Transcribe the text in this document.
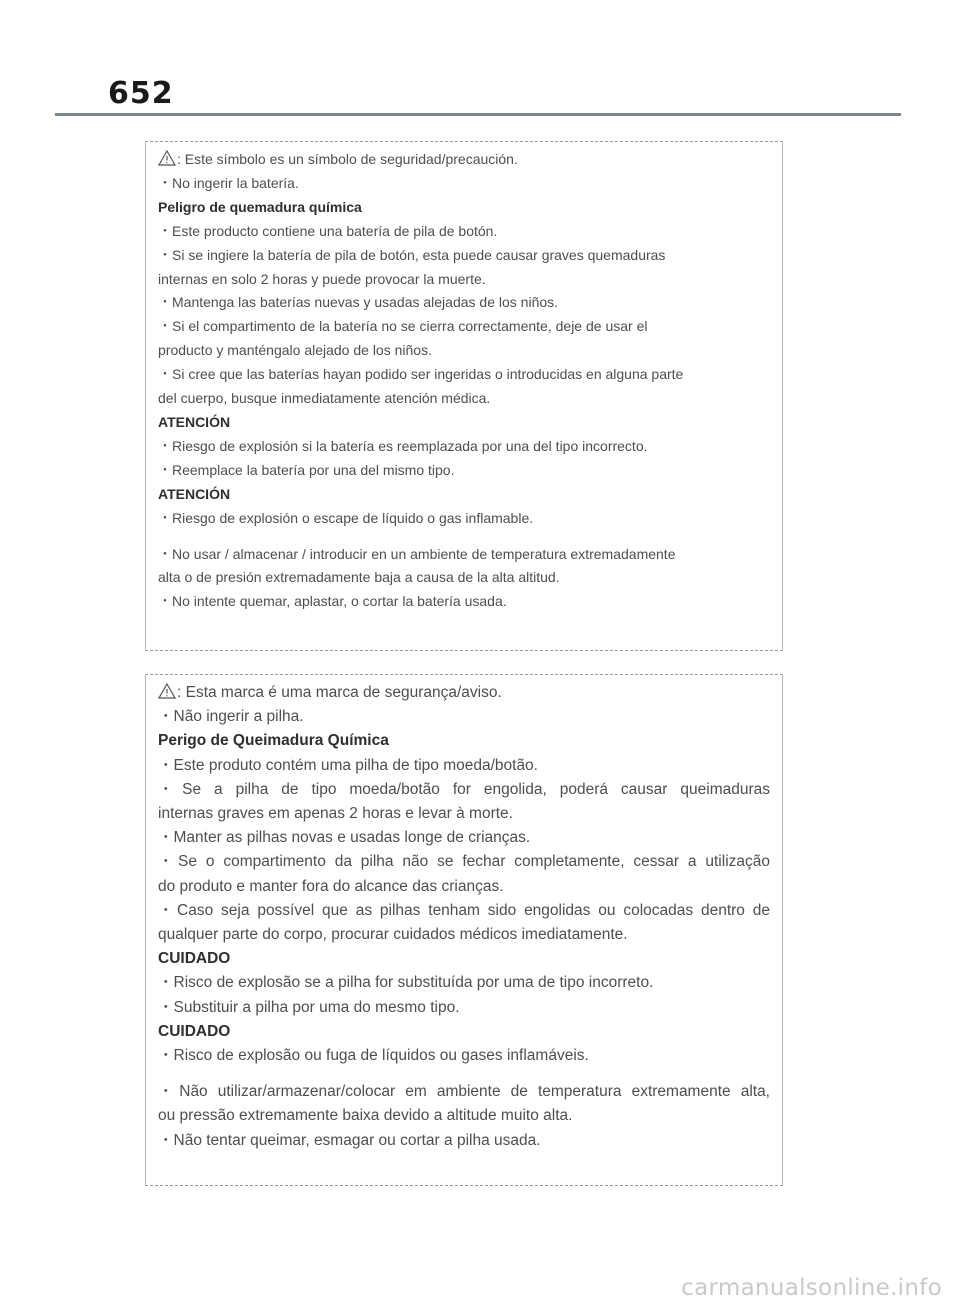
652
: Este símbolo es un símbolo de seguridad/precaución.
・No ingerir la batería.
Peligro de quemadura química
・Este producto contiene una batería de pila de botón.
・Si se ingiere la batería de pila de botón, esta puede causar graves quemaduras
internas en solo 2 horas y puede provocar la muerte.
・Mantenga las baterías nuevas y usadas alejadas de los niños.
・Si el compartimento de la batería no se cierra correctamente, deje de usar el
producto y manténgalo alejado de los niños.
・Si cree que las baterías hayan podido ser ingeridas o introducidas en alguna parte
del cuerpo, busque inmediatamente atención médica.
ATENCIÓN
・Riesgo de explosión si la batería es reemplazada por una del tipo incorrecto.
・Reemplace la batería por una del mismo tipo.
ATENCIÓN
・Riesgo de explosión o escape de líquido o gas inflamable.
・No usar / almacenar / introducir en un ambiente de temperatura extremadamente
alta o de presión extremadamente baja a causa de la alta altitud.
・No intente quemar, aplastar, o cortar la batería usada.
: Esta marca é uma marca de segurança/aviso.
・Não ingerir a pilha.
Perigo de Queimadura Química
・Este produto contém uma pilha de tipo moeda/botão.
・Se a pilha de tipo moeda/botão for engolida, poderá causar queimaduras
internas graves em apenas 2 horas e levar à morte.
・Manter as pilhas novas e usadas longe de crianças.
・Se o compartimento da pilha não se fechar completamente, cessar a utilização
do produto e manter fora do alcance das crianças.
・Caso seja possível que as pilhas tenham sido engolidas ou colocadas dentro de
qualquer parte do corpo, procurar cuidados médicos imediatamente.
CUIDADO
・Risco de explosão se a pilha for substituída por uma de tipo incorreto.
・Substituir a pilha por uma do mesmo tipo.
CUIDADO
・Risco de explosão ou fuga de líquidos ou gases inflamáveis.
・Não utilizar/armazenar/colocar em ambiente de temperatura extremamente alta,
ou pressão extremamente baixa devido a altitude muito alta.
・Não tentar queimar, esmagar ou cortar a pilha usada.
carmanualsonline.info
